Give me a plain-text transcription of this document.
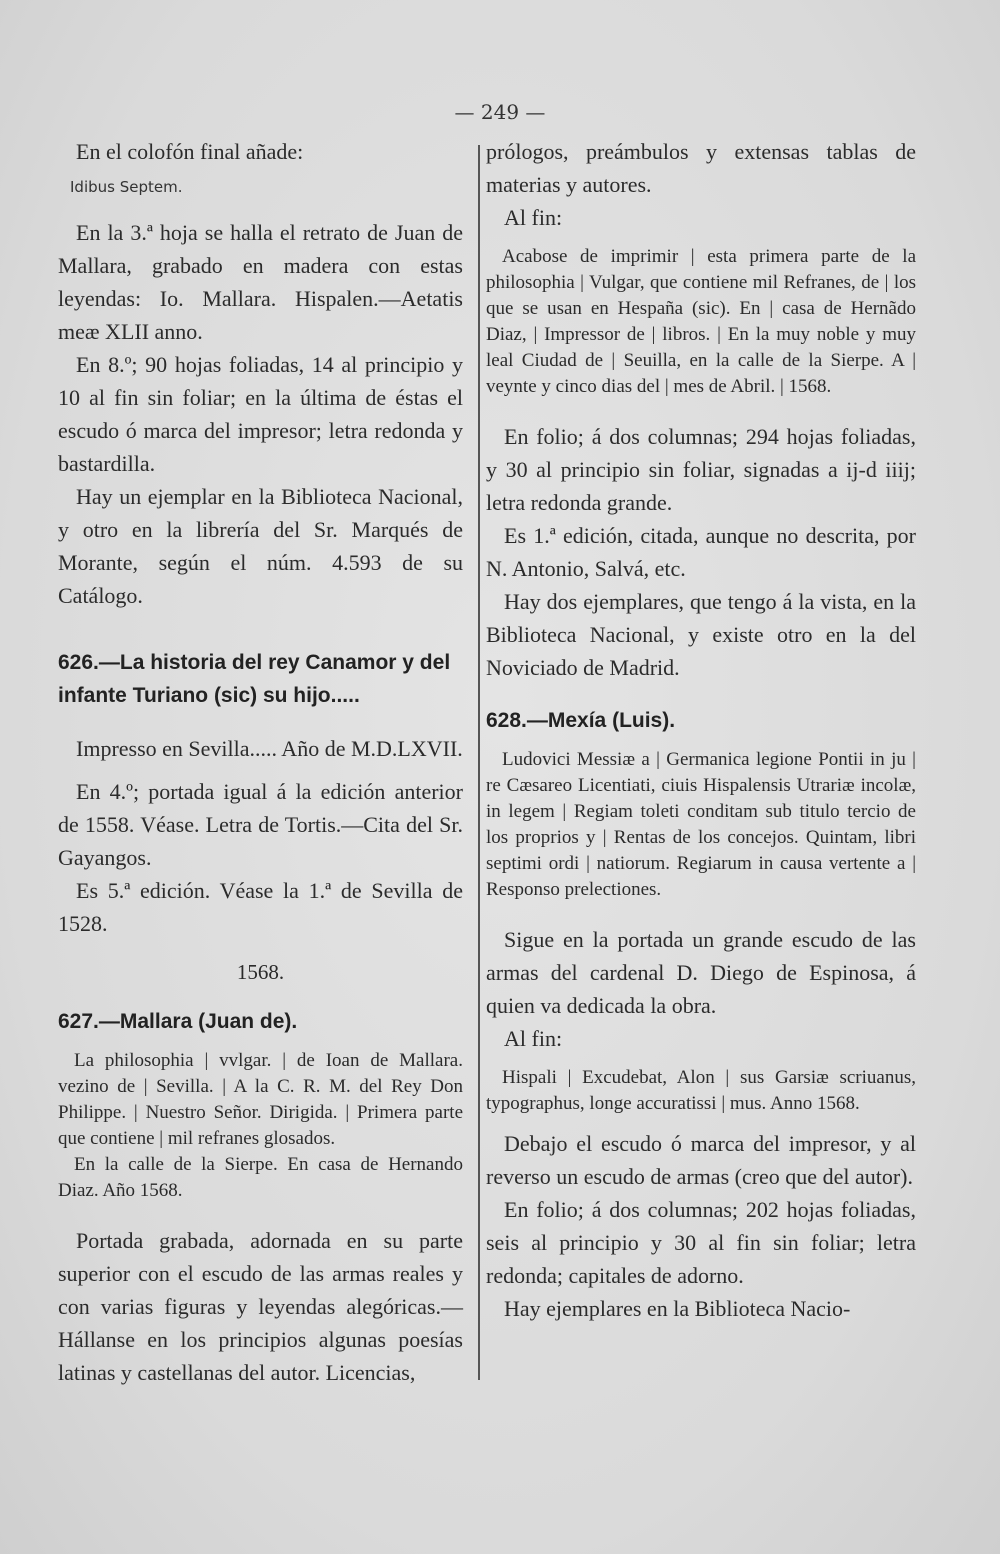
— 249 —

En el colofón final añade:

Idibus Septem.

En la 3.ª hoja se halla el retrato de Juan de Mallara, grabado en madera con estas leyendas: Io. Mallara. Hispalen.—Aetatis meæ XLII anno.

En 8.º; 90 hojas foliadas, 14 al principio y 10 al fin sin foliar; en la última de éstas el escudo ó marca del impresor; letra redonda y bastardilla.

Hay un ejemplar en la Biblioteca Nacional, y otro en la librería del Sr. Marqués de Morante, según el núm. 4.593 de su Catálogo.

626.—La historia del rey Canamor y del infante Turiano (sic) su hijo.....

Impresso en Sevilla..... Año de M.D.LXVII.

En 4.º; portada igual á la edición anterior de 1558. Véase. Letra de Tortis.—Cita del Sr. Gayangos.

Es 5.ª edición. Véase la 1.ª de Sevilla de 1528.

1568.

627.—Mallara (Juan de).

La philosophia | vvlgar. | de Ioan de Mallara. vezino de | Sevilla. | A la C. R. M. del Rey Don Philippe. | Nuestro Señor. Dirigida. | Primera parte que contiene | mil refranes glosados.

En la calle de la Sierpe. En casa de Hernando Diaz. Año 1568.

Portada grabada, adornada en su parte superior con el escudo de las armas reales y con varias figuras y leyendas alegóricas.— Hállanse en los principios algunas poesías latinas y castellanas del autor. Licencias,

prólogos, preámbulos y extensas tablas de materias y autores.

Al fin:

Acabose de imprimir | esta primera parte de la philosophia | Vulgar, que contiene mil Refranes, de | los que se usan en Hespaña (sic). En | casa de Hernãdo Diaz, | Impressor de | libros. | En la muy noble y muy leal Ciudad de | Seuilla, en la calle de la Sierpe. A | veynte y cinco dias del | mes de Abril. | 1568.

En folio; á dos columnas; 294 hojas foliadas, y 30 al principio sin foliar, signadas a ij-d iiij; letra redonda grande.

Es 1.ª edición, citada, aunque no descrita, por N. Antonio, Salvá, etc.

Hay dos ejemplares, que tengo á la vista, en la Biblioteca Nacional, y existe otro en la del Noviciado de Madrid.

628.—Mexía (Luis).

Ludovici Messiæ a | Germanica legione Pontii in ju | re Cæsareo Licentiati, ciuis Hispalensis Utrariæ incolæ, in legem | Regiam toleti conditam sub titulo tercio de los proprios y | Rentas de los concejos. Quintam, libri septimi ordi | natiorum. Regiarum in causa vertente a | Responso prelectiones.

Sigue en la portada un grande escudo de las armas del cardenal D. Diego de Espinosa, á quien va dedicada la obra.

Al fin:

Hispali | Excudebat, Alon | sus Garsiæ scriuanus, typographus, longe accuratissi | mus. Anno 1568.

Debajo el escudo ó marca del impresor, y al reverso un escudo de armas (creo que del autor).

En folio; á dos columnas; 202 hojas foliadas, seis al principio y 30 al fin sin foliar; letra redonda; capitales de adorno.

Hay ejemplares en la Biblioteca Nacio-
